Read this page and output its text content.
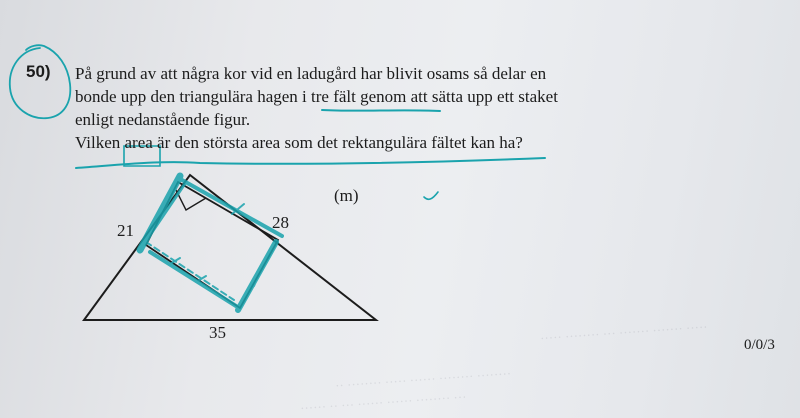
····· ········ ··· ······· ······· ·····
·· ········ ····· ······ ········ ········
······ ·· ··· ······ ······ ········ ···
50) På grund av att några kor vid en ladugård har blivit osams så delar en
bonde upp den triangulära hagen i tre fält genom att sätta upp ett staket
enligt nedanstående figur.
Vilken area är den största area som det rektangulära fältet kan ha?
(m)
21	28
35
0/0/3
